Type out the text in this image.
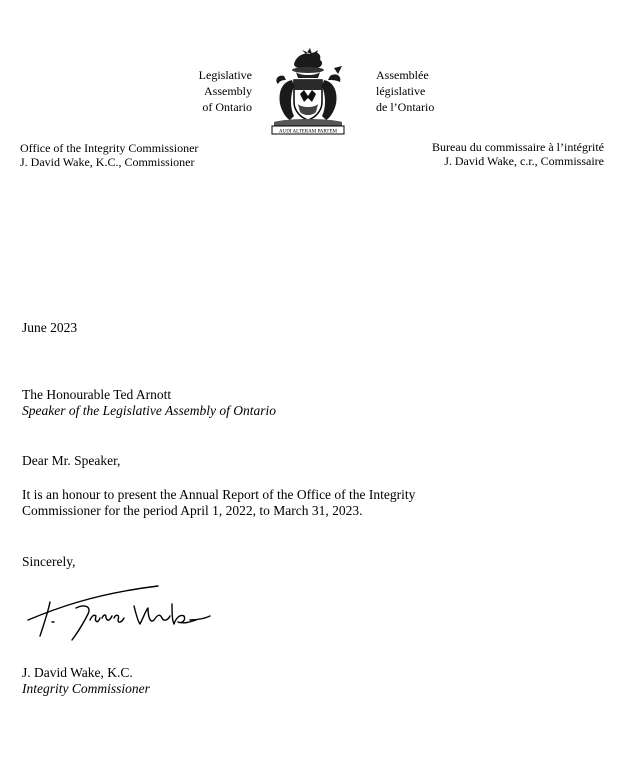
Legislative
Assembly
of Ontario
AUDI ALTERAM PARTEM
Assemblée
législative
de l’Ontario
Office of the Integrity Commissioner
J. David Wake, K.C., Commissioner
Bureau du commissaire à l’intégrité
J. David Wake, c.r., Commissaire
June 2023
The Honourable Ted Arnott
Speaker of the Legislative Assembly of Ontario
Dear Mr. Speaker,
It is an honour to present the Annual Report of the Office of the Integrity
Commissioner for the period April 1, 2022, to March 31, 2023.
Sincerely,
J. David Wake, K.C.
Integrity Commissioner
